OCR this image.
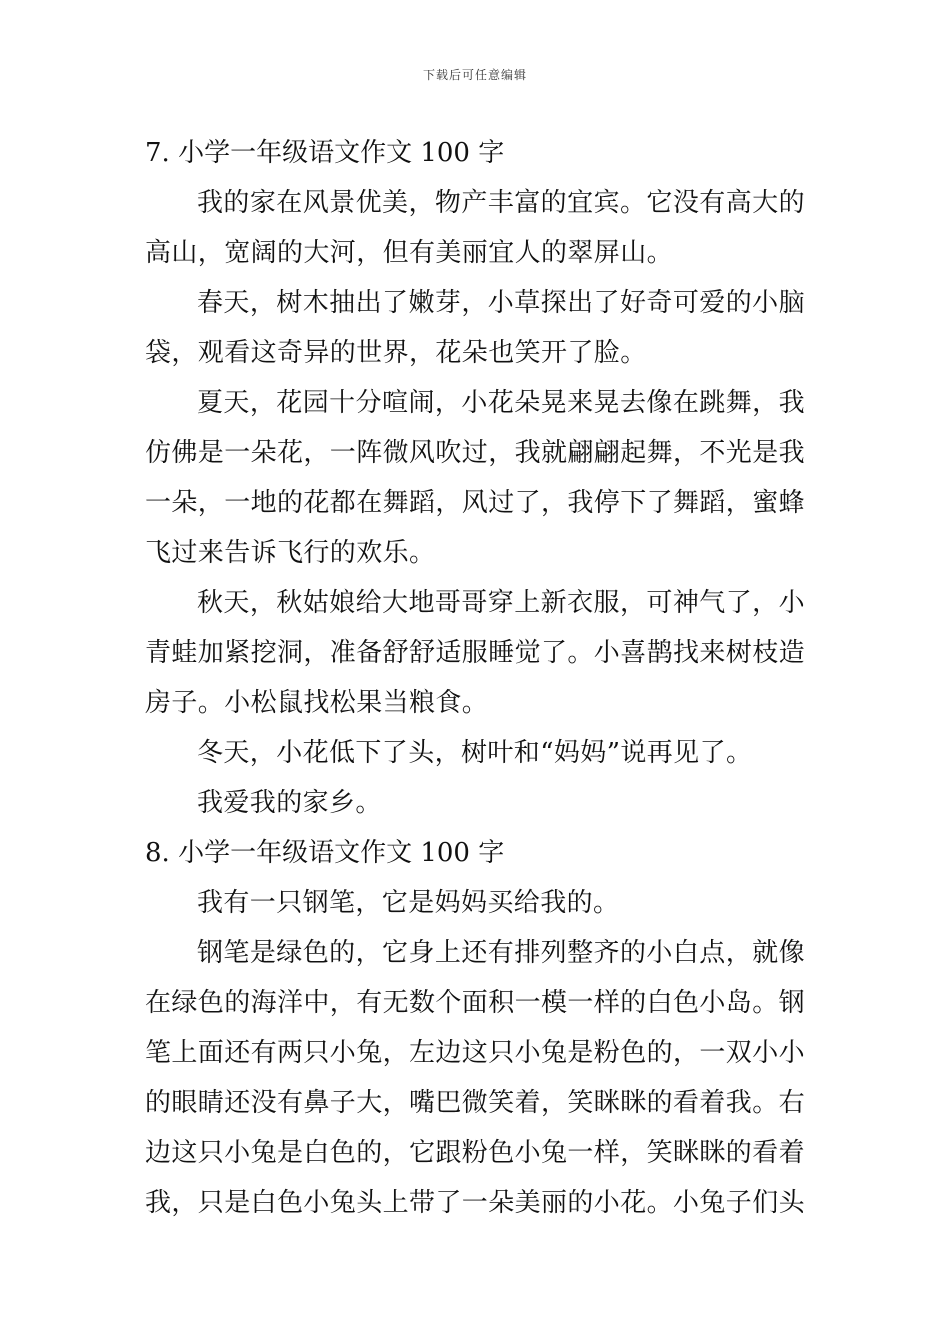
下载后可任意编辑

7. 小学一年级语文作文 100 字

我的家在风景优美，物产丰富的宜宾。它没有高大的高山，宽阔的大河，但有美丽宜人的翠屏山。

春天，树木抽出了嫩芽，小草探出了好奇可爱的小脑袋，观看这奇异的世界，花朵也笑开了脸。

夏天，花园十分喧闹，小花朵晃来晃去像在跳舞，我仿佛是一朵花，一阵微风吹过，我就翩翩起舞，不光是我一朵，一地的花都在舞蹈，风过了，我停下了舞蹈，蜜蜂飞过来告诉飞行的欢乐。

秋天，秋姑娘给大地哥哥穿上新衣服，可神气了，小青蛙加紧挖洞，准备舒舒适服睡觉了。小喜鹊找来树枝造房子。小松鼠找松果当粮食。

冬天，小花低下了头，树叶和“妈妈”说再见了。

我爱我的家乡。

8. 小学一年级语文作文 100 字

我有一只钢笔，它是妈妈买给我的。

钢笔是绿色的，它身上还有排列整齐的小白点，就像在绿色的海洋中，有无数个面积一模一样的白色小岛。钢笔上面还有两只小兔，左边这只小兔是粉色的，一双小小的眼睛还没有鼻子大，嘴巴微笑着，笑眯眯的看着我。右边这只小兔是白色的，它跟粉色小兔一样，笑眯眯的看着我，只是白色小兔头上带了一朵美丽的小花。小兔子们头
